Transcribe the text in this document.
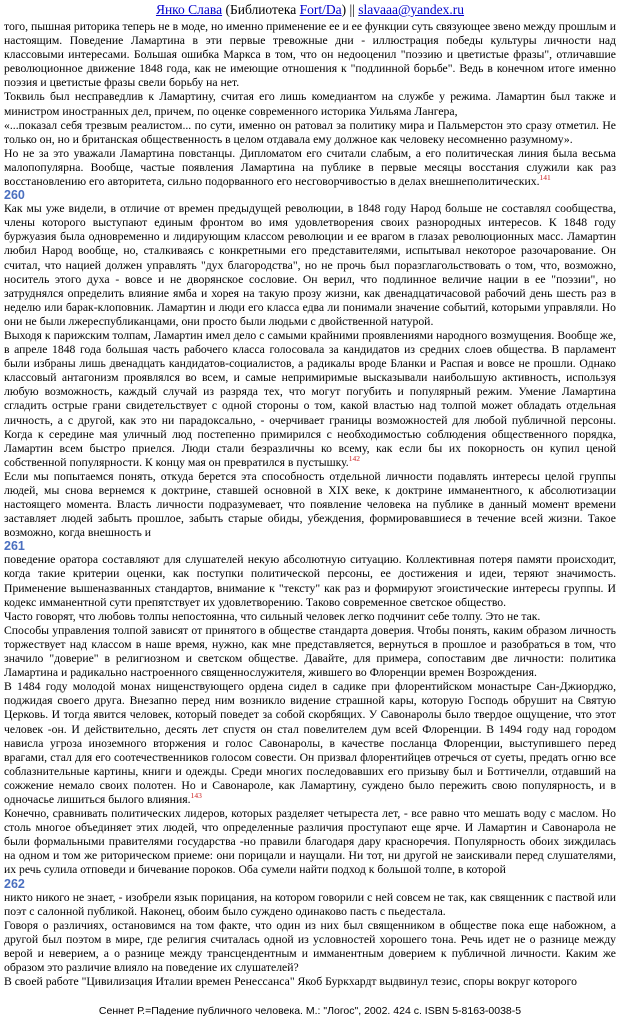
Янко Слава (Библиотека Fort/Da) || slavaaa@yandex.ru

того, пышная риторика теперь не в моде, но именно применение ее и ее функции суть связующее звено между прошлым и настоящим. Поведение Ламартина в эти первые тревожные дни - иллюстрация победы культуры личности над классовыми интересами. Большая ошибка Маркса в том, что он недооценил "поэзию и цветистые фразы", отличавшие революционное движение 1848 года, как не имеющие отношения к "подлинной борьбе". Ведь в конечном итоге именно поэзия и цветистые фразы свели борьбу на нет.

Токвиль был несправедлив к Ламартину, считая его лишь комедиантом на службе у режима. Ламартин был также и министром иностранных дел, причем, по оценке современного историка Уильяма Лангера,

«...показал себя трезвым реалистом... по сути, именно он ратовал за политику мира и Пальмерстон это сразу отметил. Не только он, но и британская общественность в целом отдавала ему должное как человеку несомненно разумному».

Но не за это уважали Ламартина повстанцы. Дипломатом его считали слабым, а его политическая линия была весьма малопопулярна. Вообще, частые появления Ламартина на публике в первые месяцы восстания служили как раз восстановлению его авторитета, сильно подорванного его несговорчивостью в делах внешнеполитических.$^{141}$

260

Как мы уже видели, в отличие от времен предыдущей революции, в 1848 году Народ больше не составлял сообщества, члены которого выступают единым фронтом во имя удовлетворения своих разнородных интересов. К 1848 году буржуазия была одновременно и лидирующим классом революции и ее врагом в глазах революционных масс. Ламартин любил Народ вообще, но, сталкиваясь с конкретными его представителями, испытывал некоторое разочарование. Он считал, что нацией должен управлять "дух благородства", но не прочь был поразглагольствовать о том, что, возможно, носитель этого духа - вовсе и не дворянское сословие. Он верил, что подлинное величие нации в ее "поэзии", но затруднялся определить влияние ямба и хорея на такую прозу жизни, как двенадцатичасовой рабочий день шесть раз в неделю или барак-клоповник. Ламартин и люди его класса едва ли понимали значение событий, которыми управляли. Но они не были лжереспубликанцами, они просто были людьми с двойственной натурой.

Выходя к парижским толпам, Ламартин имел дело с самыми крайними проявлениями народного возмущения. Вообще же, в апреле 1848 года большая часть рабочего класса голосовала за кандидатов из средних слоев общества. В парламент были избраны лишь двенадцать кандидатов-социалистов, а радикалы вроде Бланки и Распая и вовсе не прошли. Однако классовый антагонизм проявлялся во всем, и самые непримиримые высказывали наибольшую активность, используя любую возможность, каждый случай из разряда тех, что могут погубить и популярный режим. Умение Ламартина сгладить острые грани свидетельствует с одной стороны о том, какой властью над толпой может обладать отдельная личность, а с другой, как это ни парадоксально, - очерчивает границы возможностей для любой публичной персоны. Когда к середине мая уличный люд постепенно примирился с необходимостью соблюдения общественного порядка, Ламартин всем быстро приелся. Люди стали безразличны ко всему, как если бы их покорность он купил ценой собственной популярности. К концу мая он превратился в пустышку.$^{142}$

Если мы попытаемся понять, откуда берется эта способность отдельной личности подавлять интересы целой группы людей, мы снова вернемся к доктрине, ставшей основной в XIX веке, к доктрине имманентного, к абсолютизации настоящего момента. Власть личности подразумевает, что появление человека на публике в данный момент времени заставляет людей забыть прошлое, забыть старые обиды, убеждения, формировавшиеся в течение всей жизни. Такое возможно, когда внешность и

261

поведение оратора составляют для слушателей некую абсолютную ситуацию. Коллективная потеря памяти происходит, когда такие критерии оценки, как поступки политической персоны, ее достижения и идеи, теряют значимость. Применение вышеназванных стандартов, внимание к "тексту" как раз и формируют эгоистические интересы группы. И кодекс имманентной сути препятствует их удовлетворению. Таково современное светское общество.

Часто говорят, что любовь толпы непостоянна, что сильный человек легко подчинит себе толпу. Это не так.

Способы управления толпой зависят от принятого в обществе стандарта доверия. Чтобы понять, каким образом личность торжествует над классом в наше время, нужно, как мне представляется, вернуться в прошлое и разобраться в том, что значило "доверие" в религиозном и светском обществе. Давайте, для примера, сопоставим две личности: политика Ламартина и радикально настроенного священнослужителя, жившего во Флоренции времен Возрождения.

В 1484 году молодой монах нищенствующего ордена сидел в садике при флорентийском монастыре Сан-Джиорджо, поджидая своего друга. Внезапно перед ним возникло видение страшной кары, которую Господь обрушит на Святую Церковь. И тогда явится человек, который поведет за собой скорбящих. У Савонаролы было твердое ощущение, что этот человек -он. И действительно, десять лет спустя он стал повелителем дум всей Флоренции. В 1494 году над городом нависла угроза иноземного вторжения и голос Савонаролы, в качестве посланца Флоренции, выступившего перед врагами, стал для его соотечественников голосом совести. Он призвал флорентийцев отречься от суеты, предать огню все соблазнительные картины, книги и одежды. Среди многих последовавших его призыву был и Боттичелли, отдавший на сожжение немало своих полотен. Но и Савонароле, как Ламартину, суждено было пережить свою популярность, и в одночасье лишиться былого влияния.$^{143}$

Конечно, сравнивать политических лидеров, которых разделяет четыреста лет, - все равно что мешать воду с маслом. Но столь многое объединяет этих людей, что определенные различия проступают еще ярче. И Ламартин и Савонарола не были формальными правителями государства -но правили благодаря дару красноречия. Популярность обоих зиждилась на одном и том же риторическом приеме: они порицали и наущали. Ни тот, ни другой не заискивали перед слушателями, их речь сулила отповеди и бичевание пороков. Оба сумели найти подход к большой толпе, в которой

262

никто никого не знает, - изобрели язык порицания, на котором говорили с ней совсем не так, как священник с паствой или поэт с салонной публикой. Наконец, обоим было суждено одинаково пасть с пьедестала.

Говоря о различиях, остановимся на том факте, что один из них был священником в обществе пока еще набожном, а другой был поэтом в мире, где религия считалась одной из условностей хорошего тона. Речь идет не о разнице между верой и неверием, а о разнице между трансцендентным и имманентным доверием к публичной личности. Каким же образом это различие влияло на поведение их слушателей?

В своей работе "Цивилизация Италии времен Ренессанса" Якоб Буркхардт выдвинул тезис, споры вокруг которого

Сеннет Р.=Падение публичного человека. М.: "Логос", 2002. 424 с. ISBN 5-8163-0038-5
